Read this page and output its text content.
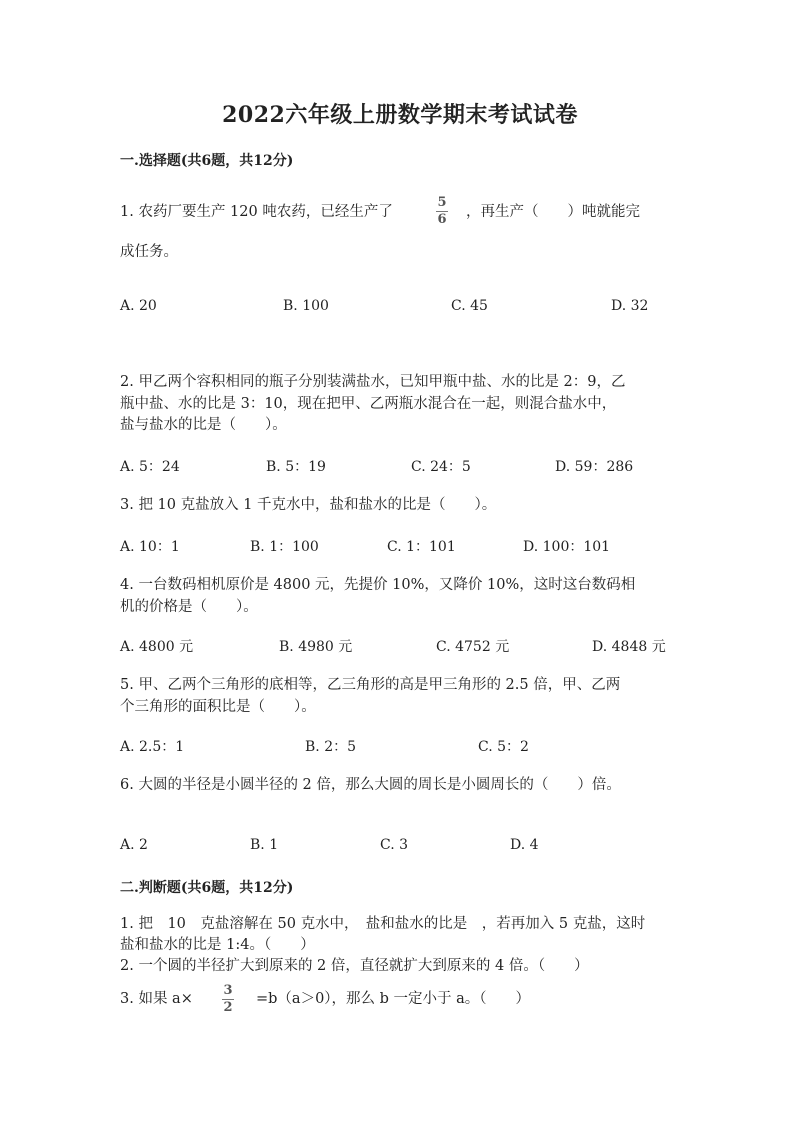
2022六年级上册数学期末考试试卷
一.选择题(共6题，共12分)
1. 农药厂要生产 120 吨农药，已经生产了
5
6 ，再生产（　　）吨就能完
成任务。
A. 20	B. 100	C. 45	D. 32
2. 甲乙两个容积相同的瓶子分别装满盐水，已知甲瓶中盐、水的比是 2：9，乙
瓶中盐、水的比是 3：10，现在把甲、乙两瓶水混合在一起，则混合盐水中，
盐与盐水的比是（　　）。
A. 5：24	B. 5：19	C. 24：5	D. 59：286
3. 把 10 克盐放入 1 千克水中，盐和盐水的比是（　　）。
A. 10：1	B. 1：100	C. 1：101	D. 100：101
4. 一台数码相机原价是 4800 元，先提价 10%，又降价 10%，这时这台数码相
机的价格是（　　）。
A. 4800 元	B. 4980 元	C. 4752 元	D. 4848 元
5. 甲、乙两个三角形的底相等，乙三角形的高是甲三角形的 2.5 倍，甲、乙两
个三角形的面积比是（　　）。
A. 2.5：1	B. 2：5	C. 5：2
6. 大圆的半径是小圆半径的 2 倍，那么大圆的周长是小圆周长的（　　）倍。
A. 2	B. 1	C. 3	D. 4
二.判断题(共6题，共12分)
1. 把　10　克盐溶解在 50 克水中，　盐和盐水的比是　，若再加入 5 克盐，这时
盐和盐水的比是 1:4。（　　）
2. 一个圆的半径扩大到原来的 2 倍，直径就扩大到原来的 4 倍。（　　）
3. 如果 a×
3
2
=b（a＞0），那么 b 一定小于 a。（　　）
